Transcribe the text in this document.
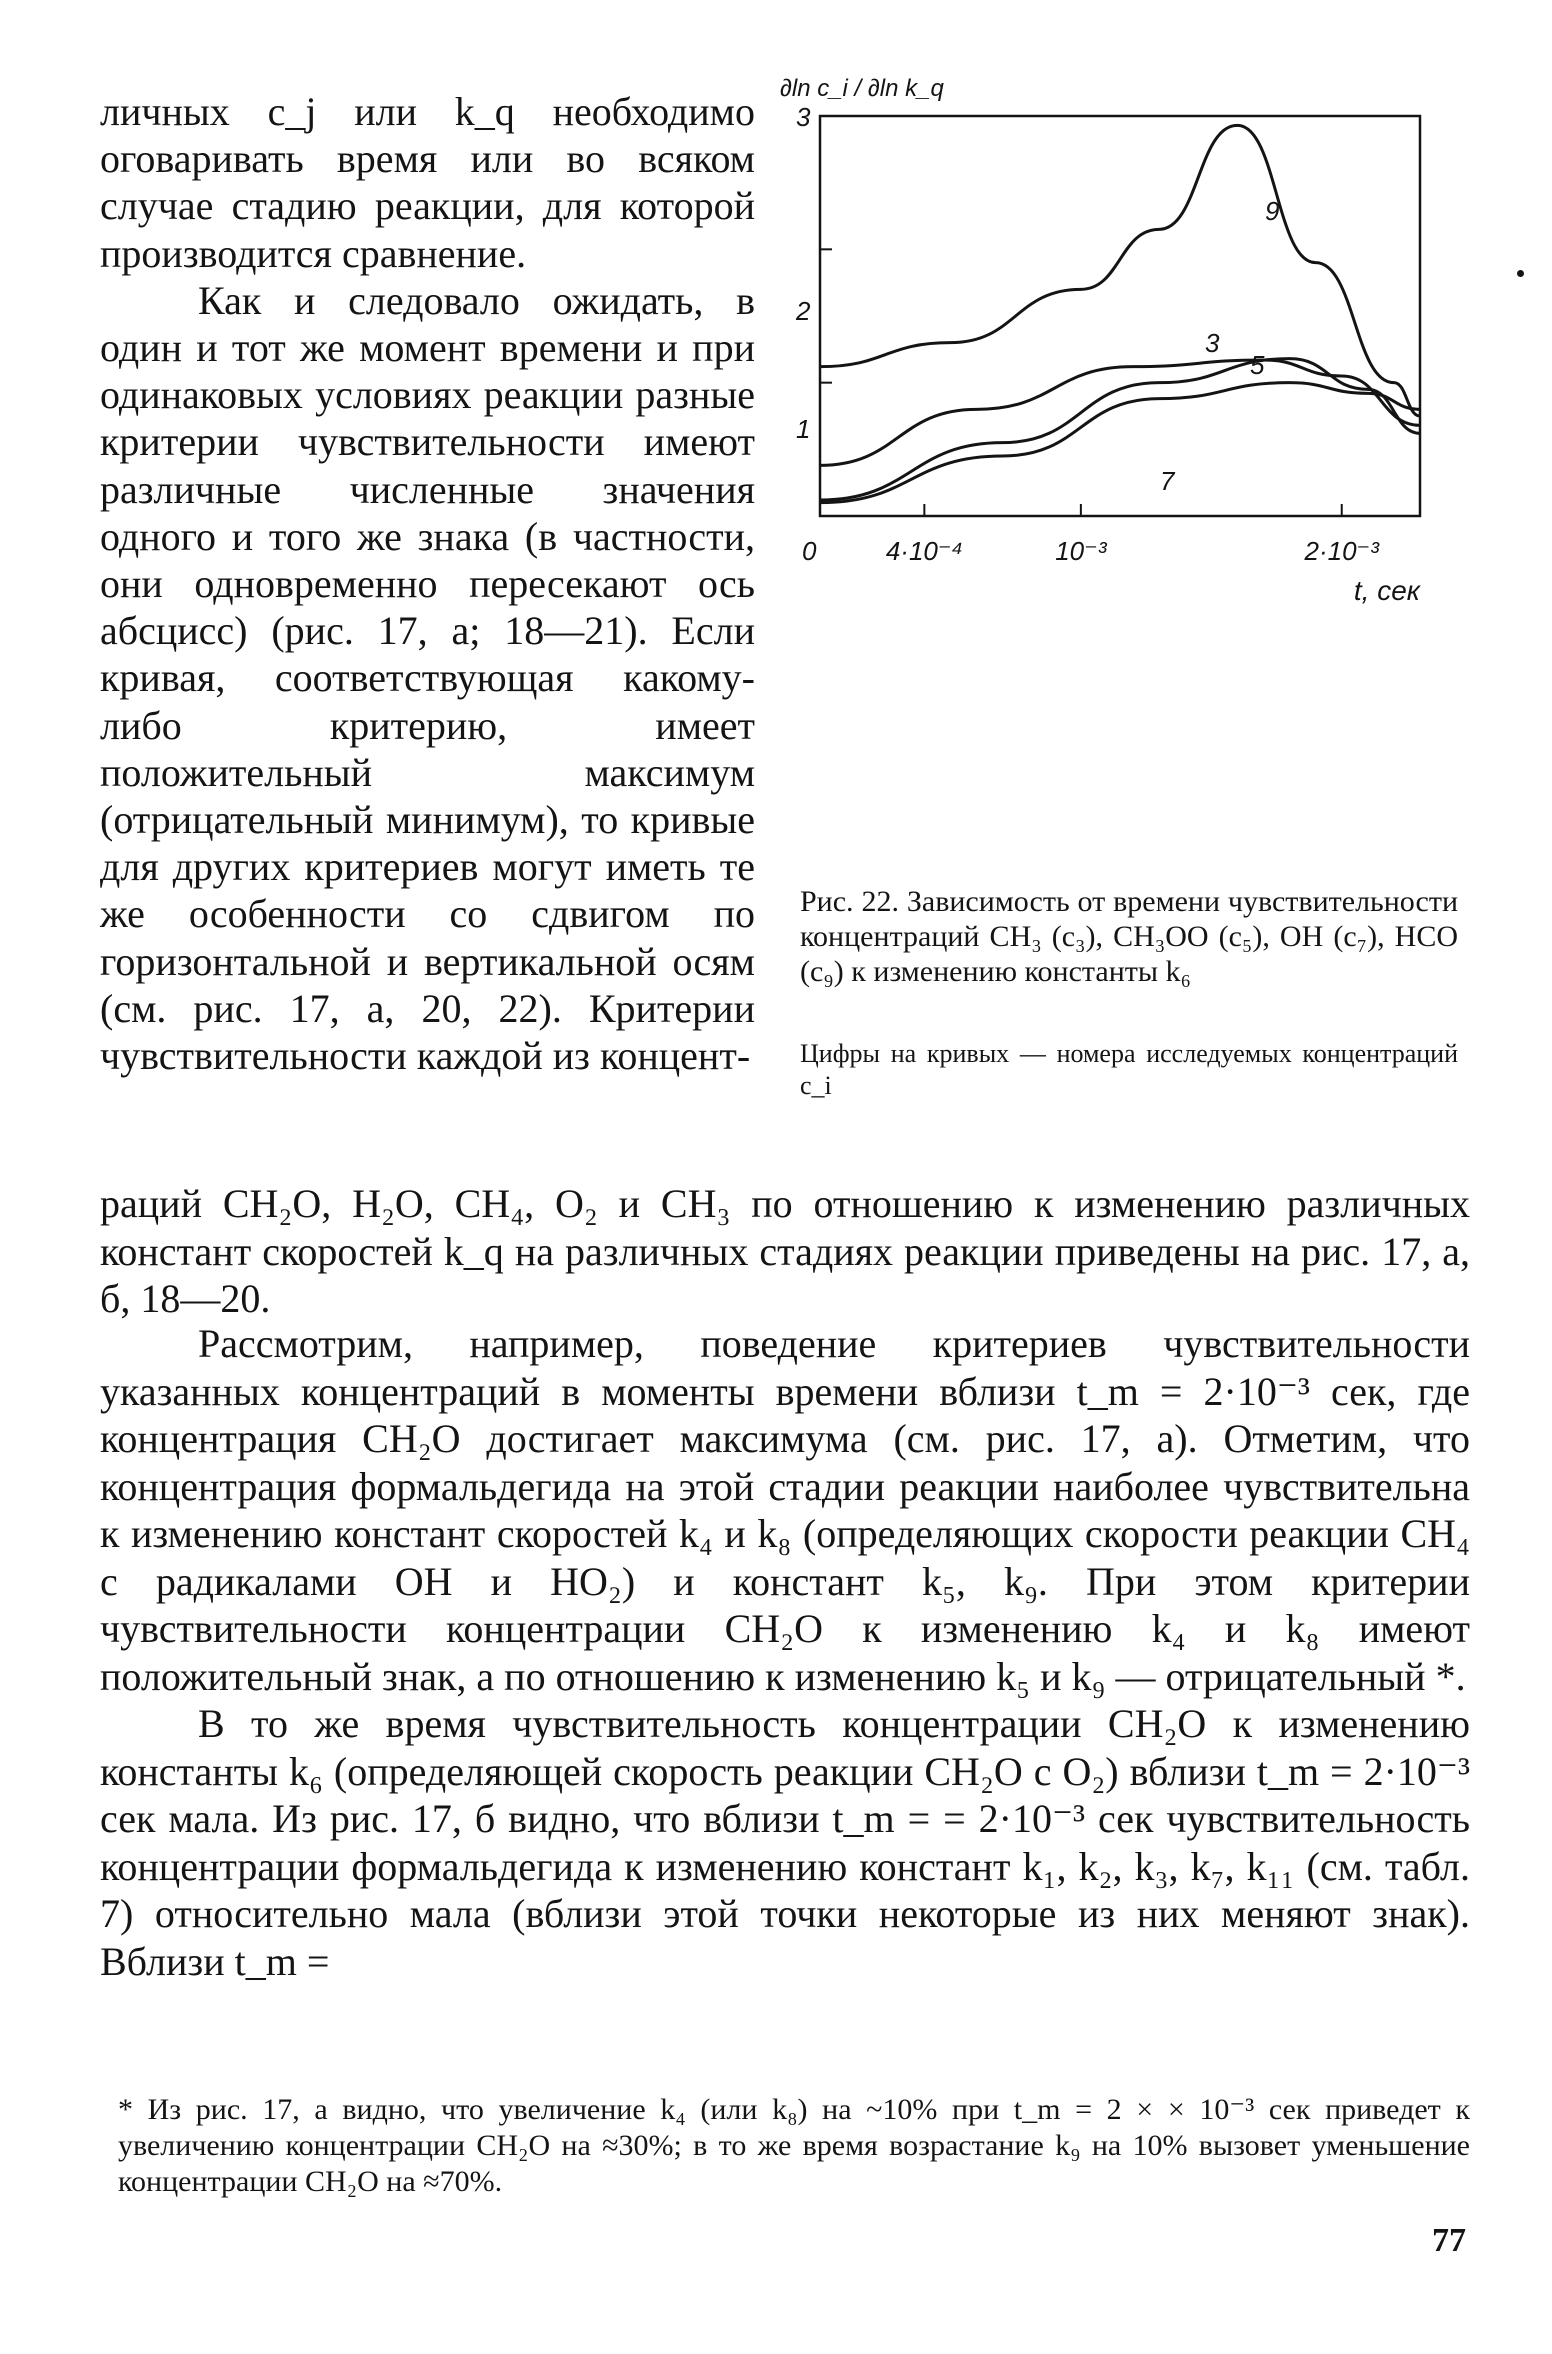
личных c_j или k_q необходимо оговаривать время или во всяком случае стадию реакции, для которой производится сравнение.

Как и следовало ожидать, в один и тот же момент времени и при одинаковых условиях реакции разные критерии чувствительности имеют различные численные значения одного и того же знака (в частности, они одновременно пересекают ось абсцисс) (рис. 17, а; 18—21). Если кривая, соответствующая какому-либо критерию, имеет положительный максимум (отрицательный минимум), то кривые для других критериев могут иметь те же особенности со сдвигом по горизонтальной и вертикальной осям (см. рис. 17, а, 20, 22). Критерии чувствительности каждой из концент-

∂ln c_i / ∂ln k_q
3
2
1
0	4·10⁻⁴	10⁻³	2·10⁻³
t, сек
9
3
5
7
Рис. 22. Зависимость от времени чувствительности концентраций CH₃ (c₃), CH₃OO (c₅), OH (c₇), HCO (c₉) к изменению константы k₆
Цифры на кривых — номера исследуемых концентраций c_i

раций CH₂O, H₂O, CH₄, O₂ и CH₃ по отношению к изменению различных констант скоростей k_q на различных стадиях реакции приведены на рис. 17, а, б, 18—20.

Рассмотрим, например, поведение критериев чувствительности указанных концентраций в моменты времени вблизи t_m = 2·10⁻³ сек, где концентрация CH₂O достигает максимума (см. рис. 17, а). Отметим, что концентрация формальдегида на этой стадии реакции наиболее чувствительна к изменению констант скоростей k₄ и k₈ (определяющих скорости реакции CH₄ с радикалами OH и HO₂) и констант k₅, k₉. При этом критерии чувствительности концентрации CH₂O к изменению k₄ и k₈ имеют положительный знак, а по отношению к изменению k₅ и k₉ — отрицательный *.

В то же время чувствительность концентрации CH₂O к изменению константы k₆ (определяющей скорость реакции CH₂O с O₂) вблизи t_m = 2·10⁻³ сек мала. Из рис. 17, б видно, что вблизи t_m = = 2·10⁻³ сек чувствительность концентрации формальдегида к изменению констант k₁, k₂, k₃, k₇, k₁₁ (см. табл. 7) относительно мала (вблизи этой точки некоторые из них меняют знак). Вблизи t_m =

* Из рис. 17, а видно, что увеличение k₄ (или k₈) на ~10% при t_m = 2 × × 10⁻³ сек приведет к увеличению концентрации CH₂O на ≈30%; в то же время возрастание k₉ на 10% вызовет уменьшение концентрации CH₂O на ≈70%.
77
